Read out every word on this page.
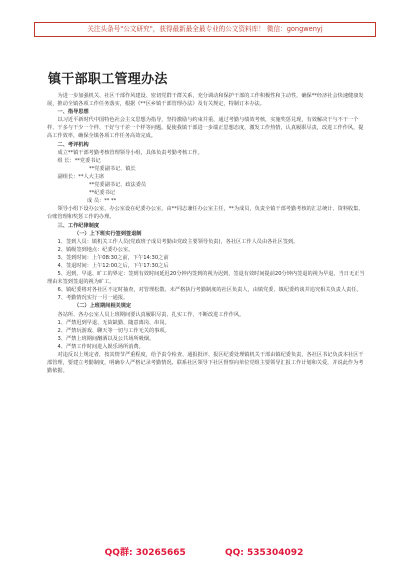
关注头条号"公文研究"，获得最新最全最专业的公文资料库！ 微信：gongwenyj
镇干部职工管理办法

为进一步加强机关、社区干部作风建设、密切党群干群关系，充分调动和保护干部的工作积极性和主动性，确保**经济社会快速健康发展，推动全镇各项工作任务落实，根据《**区乡镇干部管理办法》及有关规定，特制订本办法。

一、指导思想

以习近平新时代中国特色社会主义思想为指导，坚持激励与约束并重，通过考勤与绩效考核，实施奖惩兑现，有效解决干与不干一个样、干多与干少一个样、干好与干差一个样等问题。促使我镇干部进一步端正思想态度，激发工作热情，认真履职尽责，改进工作作风，提高工作效率，确保全镇各项工作任务高效完成。

二、考评机构

成立**镇干部考勤考核管理领导小组，具体负责考勤考核工作。

组 长：**党委书记

**党委副书记、镇长

副组长：**人大主席

**党委副书记、政法委员

**纪委书记

成 员：** **

领导小组下设办公室，办公室设在纪委办公室，由**同志兼任办公室主任，**为成员，负责全镇干部考勤考核的汇总统计、资料收集、台账管理和奖惩工作的办理。

三、工作纪律制度

（一）上下班实行签到签退制

1、签到人员：镇机关工作人员(党政班子成员考勤由党政主要领导负责)，各社区工作人员由各社区签到。

2、镇级签到地点：纪委办公室。

3、签到时间：上午08:30之前，下午14:30之前

4、签退时间：上午12:00之后，下午17:30之后

5、迟到、早退、旷工的界定：签到有效时间延迟20分钟内签到的视为迟到，签退有效时间提前20分钟内签退的视为早退，当日无正当理由未签到签退的视为旷工。

6、镇纪委将对各社区不定时抽查，对管理松散、未严格执行考勤制度的社区负责人，由镇党委、镇纪委约谈并追究相关负责人责任。

7、考勤情况实行一月一通报。

（二）上班期间相关规定

各站所、各办公室人员上班期间要认真履职尽责、扎实工作，不断改进工作作风。

1、严禁迟到早退、无故缺勤、随意离岗、串岗。

2、严禁玩游戏、聊天等一切与工作无关的事项。

3、严禁上班期间酗酒以及公共场所吸烟。

4、严禁工作时间进入娱乐场所消费。

对违反以上规定者，按其情节严重程度，给予责令检查、通报批评、报区纪委处理镇机关干部由镇纪委负责，各社区书记负责本社区干部管理，要建立考勤制度，明确专人严格记录考勤情况，联系社区领导下社区督察向单位党组主要领导汇报工作计划和关爱，并说此作为考勤依据。

QQ群: 30265665	QQ: 535304092
